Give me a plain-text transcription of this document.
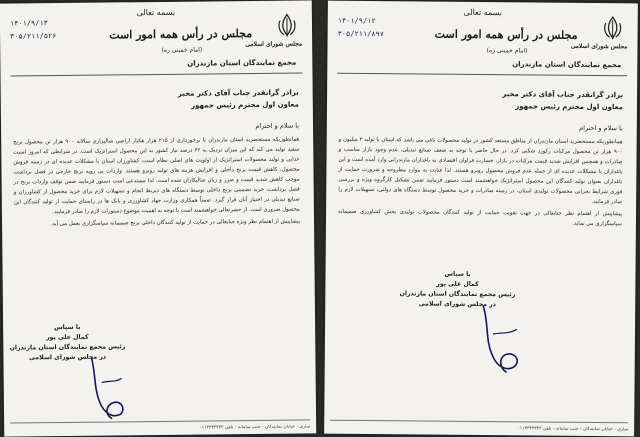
بسمه تعالی
مجلس شورای اسلامی
مجلس در رأس همه امور است
(امام خمینی ره)
مجمع نمایندگان استان مازندران
۱۴۰۱/۹/۱۳
۳۰۵/۲۱۱/۵۲۶
برادر گرانقدر جناب آقای دکتر مخبر
معاون اول محترم رئیس جمهور
با سلام و احترام
همانطوریکه مستحضرید استان مازندران با برخورداری از ۲۱۵ هزار هکتار اراضی شالیزاری سالانه ۹۰۰ هزار تن محصول برنج سفید تولید می کند که این میزان نزدیک به ۴۲ درصد نیاز کشور به این محصول استراتژیک است. در شرایطی که امروز امنیت غذایی و تولید محصولات استراتژیک از اولویت های اصلی نظام است، کشاورزان استان با مشکلات عدیده ای در زمینه فروش محصول، کاهش قیمت برنج داخلی و افزایش هزینه های تولید روبرو هستند. واردات بی رویه برنج خارجی در فصل برداشت موجب کاهش شدید قیمت و ضرر و زیان شالیکاران شده است. لذا مستدعی است دستور فرمایید ضمن توقف واردات برنج در فصل برداشت، خرید تضمینی برنج داخلی توسط دستگاه های ذیربط انجام و تسهیلات لازم برای خرید محصول از کشاورزان و صنایع تبدیلی در اختیار آنان قرار گیرد. ضمناً همکاری وزارت جهاد کشاورزی و بانک ها در راستای حمایت از تولید کنندگان این محصول ضروری است. از حضرتعالی خواهشمند است با توجه به اهمیت موضوع دستورات لازم را صادر فرمایید.
پیشاپیش از اهتمام نظر ویژه جنابعالی در حمایت از تولید کنندگان داخلی برنج صمیمانه سپاسگزاری بعمل می آید.
با سپاس
کمال علی پور
رئیس مجمع نمایندگان استان مازندران
در مجلس شورای اسلامی
ساری - خیابان نمایندگان - جنب سامانه - تلفن ۰۱۱۳۳۳۳۳۳۳
بسمه تعالی
مجلس شورای اسلامی
مجلس در رأس همه امور است
(امام خمینی ره)
مجمع نمایندگان استان مازندران
۱۴۰۱/۹/۱۲
۳۰۵/۲۱۱/۸۹۷
برادر گرانقدر جناب آقای دکتر مخبر
معاون اول محترم رئیس جمهور
با سلام و احترام
همانطوریکه مستحضرید استان مازندران از مناطق مستعد کشور در تولید محصولات باغی می باشد که استان با تولید ۳ میلیون و ۹۰۰ هزار تن محصول مرکبات رکورد شکنی کرد. در حال حاضر با توجه به ضعف صنایع تبدیلی، عدم وجود بازار مناسب و صادرات و همچنین افزایش شدید قیمت مرکبات در بازار، خسارت فراوان اقتصادی به باغداران مازندرانی وارد آمده است و این باغداران با مشکلات عدیده ای از جمله عدم فروش محصول روبرو هستند. لذا عنایت به موارد مطروحه و ضرورت حمایت از باغداران بعنوان تولید کنندگان این محصول استراتژیک خواهشمند است دستور فرمایید ضمن تشکیل کارگروه ویژه و بررسی فوری شرایط بحرانی محصولات تولیدی استان، در زمینه صادرات و خرید محصول توسط دستگاه های دولتی، تسهیلات لازم را صادر فرمایید.
پیشاپیش از اهتمام نظر جنابعالی در جهت تقویت حمایت از تولید کنندگان محصولات تولیدی بخش کشاورزی صمیمانه سپاسگزاری می نماید.
با سپاس
کمال علی پور
رئیس مجمع نمایندگان استان مازندران
در مجلس شورای اسلامی
ساری - خیابان نمایندگان - جنب سامانه - تلفن ۰۱۱۳۳۳۳۳۳۳
